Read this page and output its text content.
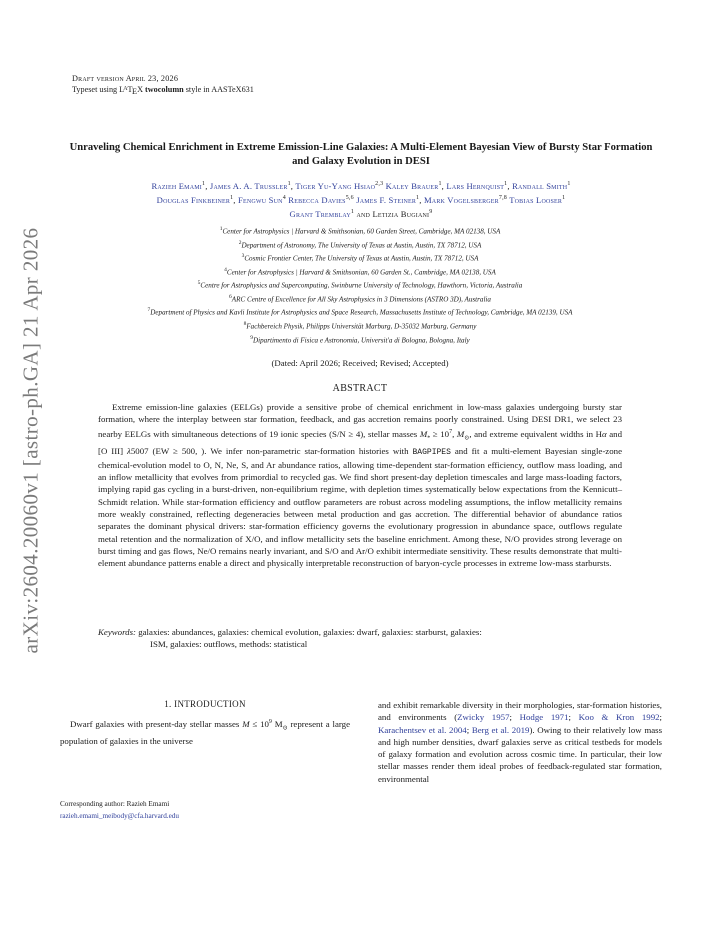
arXiv:2604.20060v1 [astro-ph.GA] 21 Apr 2026
Draft version April 23, 2026
Typeset using $L^ATEX$ twocolumn style in AASTeX631
Unraveling Chemical Enrichment in Extreme Emission-Line Galaxies: A Multi-Element Bayesian View of Bursty Star Formation and Galaxy Evolution in DESI
Razieh Emami$^1$, James A. A. Trussler$^1$, Tiger Yu-Yang Hsiao$^{2,3}$ Kaley Brauer$^1$, Lars Hernquist$^1$, Randall Smith$^1$
Douglas Finkbeiner$^1$, Fengwu Sun$^4$ Rebecca Davies$^{5,6}$ James F. Steiner$^1$, Mark Vogelsberger$^{7,8}$ Tobias Looser$^1$
Grant Tremblay$^1$ and Letizia Bugiani$^9$
$^1$Center for Astrophysics | Harvard & Smithsonian, 60 Garden Street, Cambridge, MA 02138, USA
$^2$Department of Astronomy, The University of Texas at Austin, Austin, TX 78712, USA
$^3$Cosmic Frontier Center, The University of Texas at Austin, Austin, TX 78712, USA
$^4$Center for Astrophysics | Harvard & Smithsonian, 60 Garden St., Cambridge, MA 02138, USA
$^5$Centre for Astrophysics and Supercomputing, Swinburne University of Technology, Hawthorn, Victoria, Australia
$^6$ARC Centre of Excellence for All Sky Astrophysics in 3 Dimensions (ASTRO 3D), Australia
$^7$Department of Physics and Kavli Institute for Astrophysics and Space Research, Massachusetts Institute of Technology, Cambridge, MA 02139, USA
$^8$Fachbereich Physik, Philipps Universität Marburg, D-35032 Marburg, Germany
$^9$Dipartimento di Fisica e Astronomia, Universit'a di Bologna, Bologna, Italy
(Dated: April 2026; Received; Revised; Accepted)
ABSTRACT

Extreme emission-line galaxies (EELGs) provide a sensitive probe of chemical enrichment in low-mass galaxies undergoing bursty star formation, where the interplay between star formation, feedback, and gas accretion remains poorly constrained. Using DESI DR1, we select 23 nearby EELGs with simultaneous detections of 19 ionic species (S/N ≥ 4), stellar masses $M_* \ge 10^7$, $M_⊙$, and extreme equivalent widths in Hα and [O III] λ5007 (EW ≥ 500, ). We infer non-parametric star-formation histories with BAGPIPES and fit a multi-element Bayesian single-zone chemical-evolution model to O, N, Ne, S, and Ar abundance ratios, allowing time-dependent star-formation efficiency, outflow mass loading, and an inflow metallicity that evolves from primordial to recycled gas. We find short present-day depletion timescales and large mass-loading factors, implying rapid gas cycling in a burst-driven, non-equilibrium regime, with depletion times systematically below expectations from the Kennicutt–Schmidt relation. While star-formation efficiency and outflow parameters are robust across modeling assumptions, the inflow metallicity remains more weakly constrained, reflecting degeneracies between metal production and gas accretion. The differential behavior of abundance ratios separates the dominant physical drivers: star-formation efficiency governs the evolutionary progression in abundance space, outflows regulate metal retention and the normalization of X/O, and inflow metallicity sets the baseline enrichment. Among these, N/O provides strong leverage on burst timing and gas flows, Ne/O remains nearly invariant, and S/O and Ar/O exhibit intermediate sensitivity. These results demonstrate that multi-element abundance patterns enable a direct and physically interpretable reconstruction of baryon-cycle processes in extreme low-mass starbursts.

Keywords: galaxies: abundances, galaxies: chemical evolution, galaxies: dwarf, galaxies: starburst, galaxies:
ISM, galaxies: outflows, methods: statistical
1. INTRODUCTION

Dwarf galaxies with present-day stellar masses $M \le 10^9$ $M_⊙$ represent a large population of galaxies in the universe

Corresponding author: Razieh Emami
razieh.emami_meibody@cfa.harvard.edu

and exhibit remarkable diversity in their morphologies, star-formation histories, and environments (Zwicky 1957; Hodge 1971; Koo & Kron 1992; Karachentsev et al. 2004; Berg et al. 2019). Owing to their relatively low mass and high number densities, dwarf galaxies serve as critical testbeds for models of galaxy formation and evolution across cosmic time. In particular, their low stellar masses render them ideal probes of feedback-regulated star formation, environmental
